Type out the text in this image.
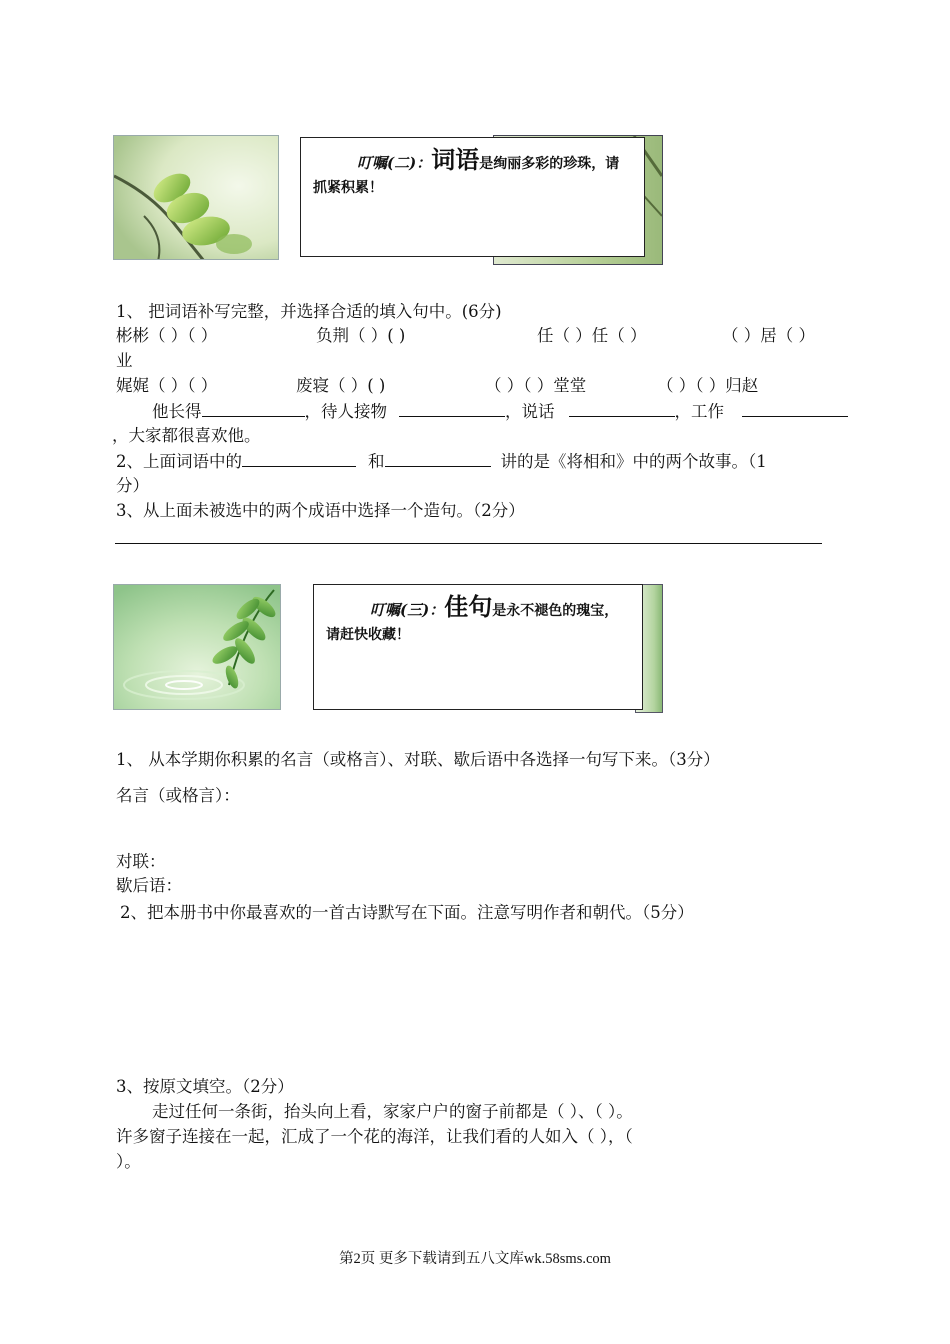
叮嘱(二)：词语是绚丽多彩的珍珠，请抓紧积累！
1、 把词语补写完整，并选择合适的填入句中。(6分)
彬彬（ ）（ ）	负荆（ ）( )	任（ ）任（ ）	（ ）居（ ）
业
娓娓（ ）（ ）	废寝（ ）( )	（ ）（ ）堂堂	（ ）（ ）归赵
他长得	，待人接物	，说话	，工作
，大家都很喜欢他。
2、上面词语中的	和	讲的是《将相和》中的两个故事。（1
分）
3、从上面未被选中的两个成语中选择一个造句。（2分）
叮嘱(三)：佳句是永不褪色的瑰宝，请赶快收藏！
1、 从本学期你积累的名言（或格言）、对联、歇后语中各选择一句写下来。（3分）
名言（或格言）：
对联：
歇后语：
2、把本册书中你最喜欢的一首古诗默写在下面。注意写明作者和朝代。（5分）
3、按原文填空。（2分）
走过任何一条街，抬头向上看，家家户户的窗子前都是（ ）、（ ）。
许多窗子连接在一起，汇成了一个花的海洋，让我们看的人如入（ ），（
）。
第2页 更多下载请到五八文库wk.58sms.com
